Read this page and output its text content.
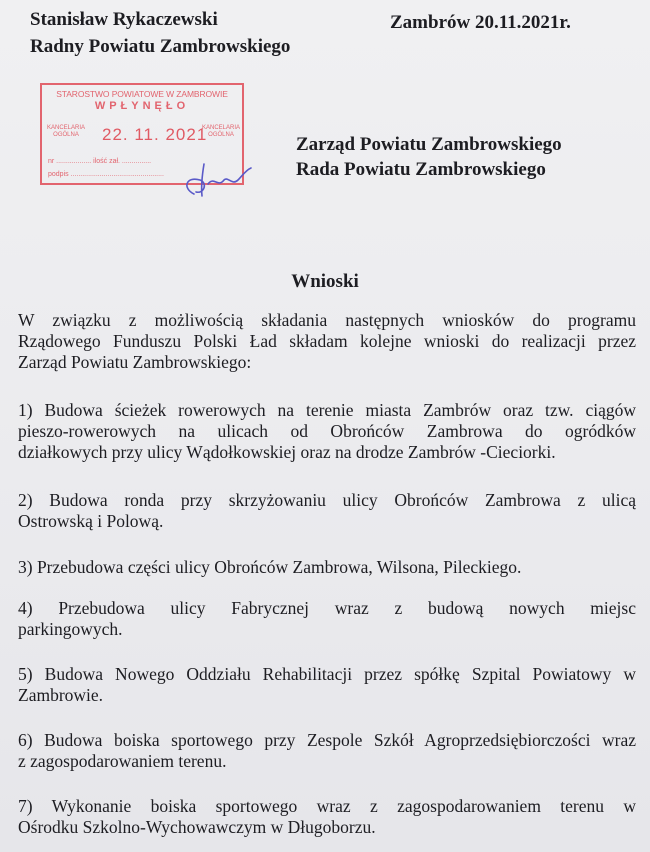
Stanisław Rykaczewski
Radny Powiatu Zambrowskiego
Zambrów 20.11.2021r.
STAROSTWO POWIATOWE W ZAMBROWIE
WPŁYNĘŁO
KANCELARIA OGÓLNA	22. 11. 2021
KANCELARIA OGÓLNA
nr .................. ilość zał. ...............
podpis ................................................
Zarząd Powiatu Zambrowskiego
Rada Powiatu Zambrowskiego
Wnioski
W związku z możliwością składania następnych wniosków do programu
Rządowego Funduszu Polski Ład składam kolejne wnioski do realizacji przez
Zarząd Powiatu Zambrowskiego:
1) Budowa ścieżek rowerowych na terenie miasta Zambrów oraz tzw. ciągów
pieszo-rowerowych na ulicach od Obrońców Zambrowa do ogródków
działkowych przy ulicy Wądołkowskiej oraz na drodze Zambrów -Cieciorki.
2) Budowa ronda przy skrzyżowaniu ulicy Obrońców Zambrowa z ulicą
Ostrowską i Polową.
3) Przebudowa części ulicy Obrońców Zambrowa, Wilsona, Pileckiego.
4) Przebudowa ulicy Fabrycznej wraz z budową nowych miejsc
parkingowych.
5) Budowa Nowego Oddziału Rehabilitacji przez spółkę Szpital Powiatowy w
Zambrowie.
6) Budowa boiska sportowego przy Zespole Szkół Agroprzedsiębiorczości wraz
z zagospodarowaniem terenu.
7) Wykonanie boiska sportowego wraz z zagospodarowaniem terenu w
Ośrodku Szkolno-Wychowawczym w Długoborzu.
